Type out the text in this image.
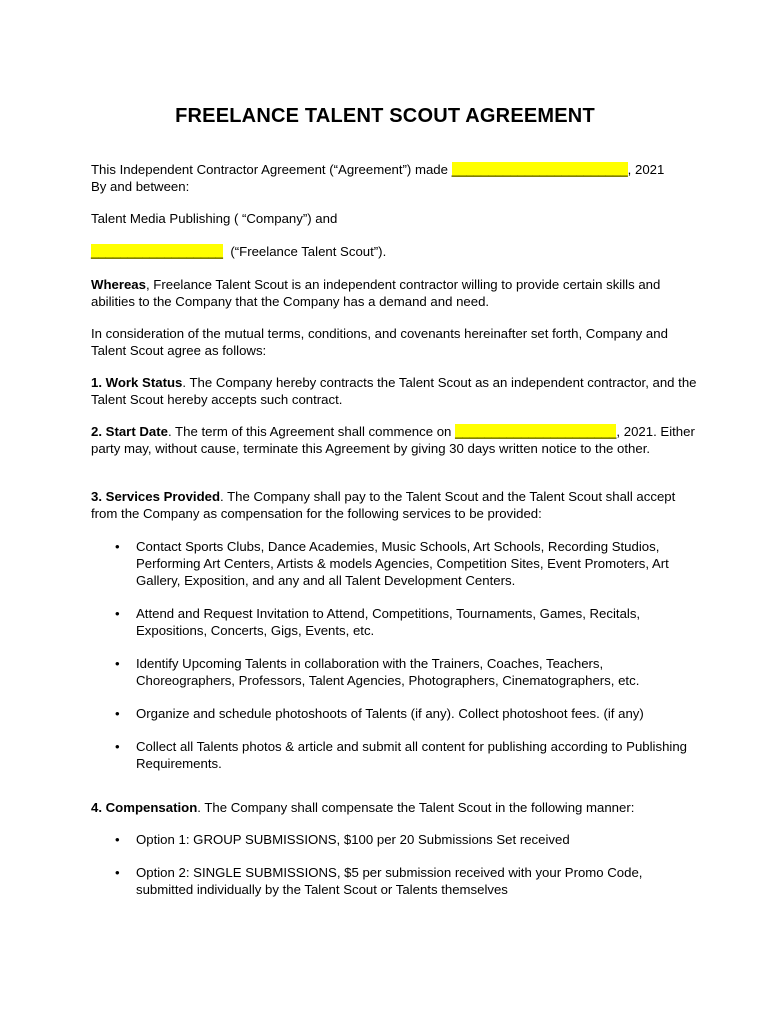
FREELANCE TALENT SCOUT AGREEMENT

This Independent Contractor Agreement (“Agreement”) made ________________________, 2021
By and between:

Talent Media Publishing ( “Company”) and

__________________  (“Freelance Talent Scout”).

Whereas, Freelance Talent Scout is an independent contractor willing to provide certain skills and abilities to the Company that the Company has a demand and need.

In consideration of the mutual terms, conditions, and covenants hereinafter set forth, Company and Talent Scout agree as follows:

1. Work Status. The Company hereby contracts the Talent Scout as an independent contractor, and the Talent Scout hereby accepts such contract.

2. Start Date. The term of this Agreement shall commence on ______________________, 2021. Either party may, without cause, terminate this Agreement by giving 30 days written notice to the other.

3. Services Provided. The Company shall pay to the Talent Scout and the Talent Scout shall accept from the Company as compensation for the following services to be provided:

• Contact Sports Clubs, Dance Academies, Music Schools, Art Schools, Recording Studios, Performing Art Centers, Artists & models Agencies, Competition Sites, Event Promoters, Art Gallery, Exposition, and any and all Talent Development Centers.
• Attend and Request Invitation to Attend, Competitions, Tournaments, Games, Recitals, Expositions, Concerts, Gigs, Events, etc.
• Identify Upcoming Talents in collaboration with the Trainers, Coaches, Teachers, Choreographers, Professors, Talent Agencies, Photographers, Cinematographers, etc.
• Organize and schedule photoshoots of Talents (if any). Collect photoshoot fees. (if any)
• Collect all Talents photos & article and submit all content for publishing according to Publishing Requirements.

4. Compensation. The Company shall compensate the Talent Scout in the following manner:

• Option 1: GROUP SUBMISSIONS, $100 per 20 Submissions Set received
• Option 2: SINGLE SUBMISSIONS, $5 per submission received with your Promo Code, submitted individually by the Talent Scout or Talents themselves
